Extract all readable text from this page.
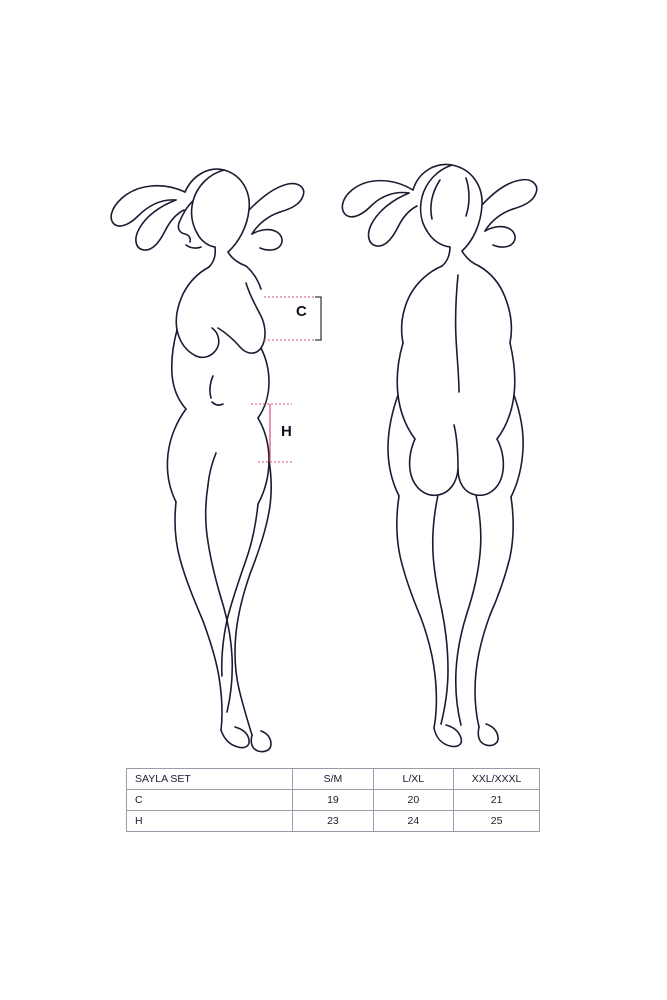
C
H
SAYLA SET	S/M	L/XL	XXL/XXXL
C	19	20	21
H	23	24	25
